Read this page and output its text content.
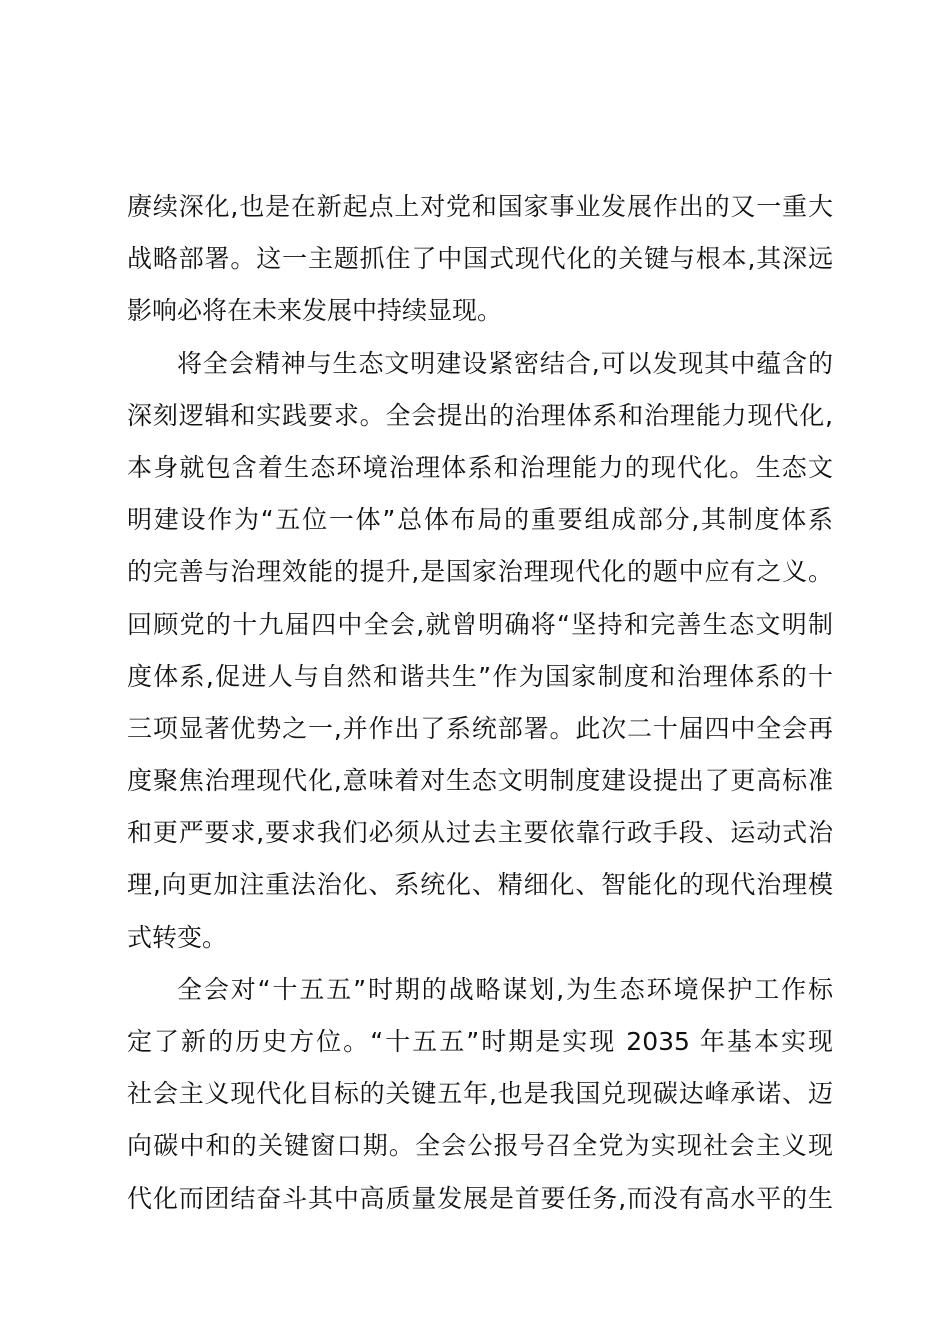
赓续深化,也是在新起点上对党和国家事业发展作出的又一重大
战略部署。这一主题抓住了中国式现代化的关键与根本,其深远
影响必将在未来发展中持续显现。
将全会精神与生态文明建设紧密结合,可以发现其中蕴含的
深刻逻辑和实践要求。全会提出的治理体系和治理能力现代化,
本身就包含着生态环境治理体系和治理能力的现代化。生态文
明建设作为“五位一体”总体布局的重要组成部分,其制度体系
的完善与治理效能的提升,是国家治理现代化的题中应有之义。
回顾党的十九届四中全会,就曾明确将“坚持和完善生态文明制
度体系,促进人与自然和谐共生”作为国家制度和治理体系的十
三项显著优势之一,并作出了系统部署。此次二十届四中全会再
度聚焦治理现代化,意味着对生态文明制度建设提出了更高标准
和更严要求,要求我们必须从过去主要依靠行政手段、运动式治
理,向更加注重法治化、系统化、精细化、智能化的现代治理模
式转变。
全会对“十五五”时期的战略谋划,为生态环境保护工作标
定了新的历史方位。“十五五”时期是实现 2035 年基本实现
社会主义现代化目标的关键五年,也是我国兑现碳达峰承诺、迈
向碳中和的关键窗口期。全会公报号召全党为实现社会主义现
代化而团结奋斗其中高质量发展是首要任务,而没有高水平的生
